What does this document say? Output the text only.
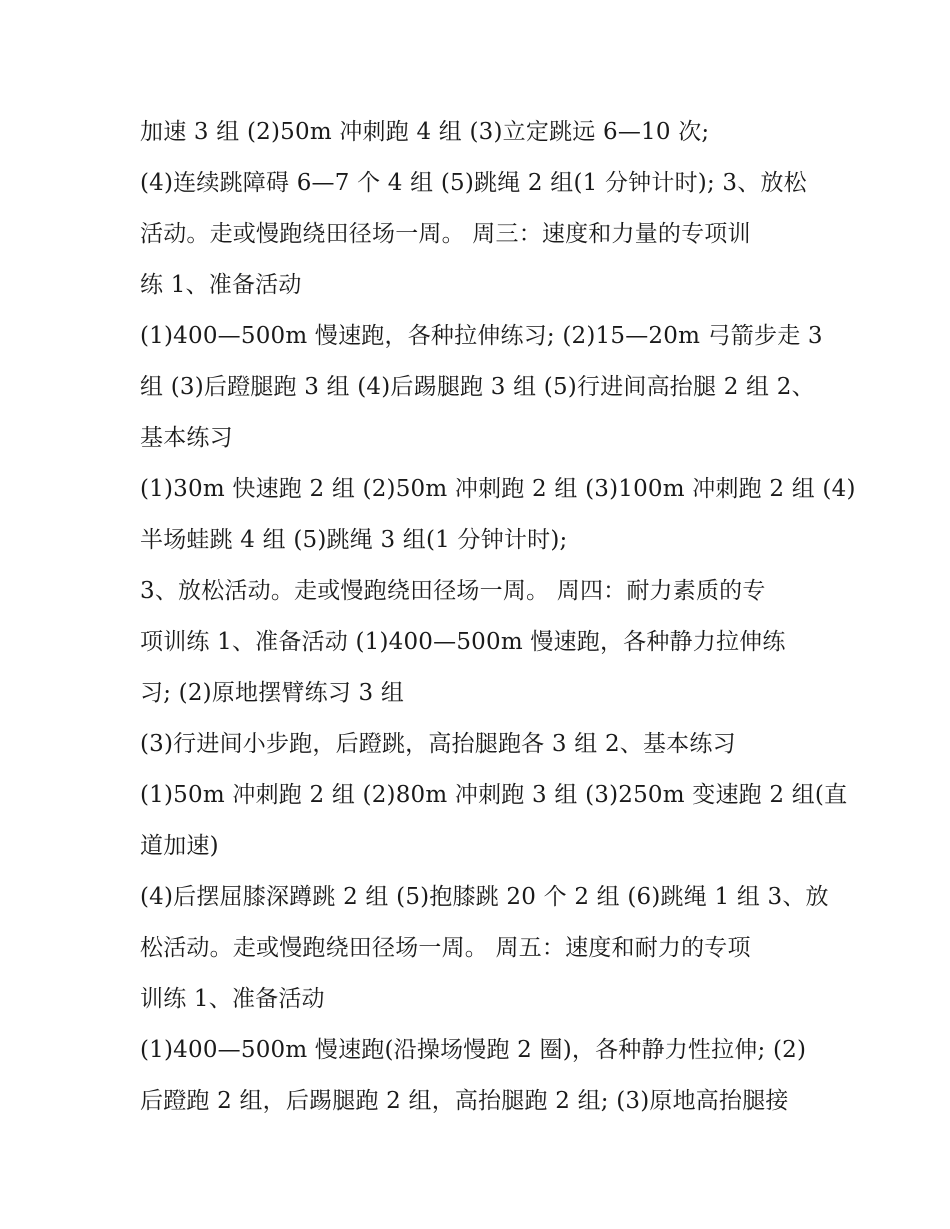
加速 3 组 (2)50m 冲刺跑 4 组 (3)立定跳远 6—10 次;
(4)连续跳障碍 6—7 个 4 组 (5)跳绳 2 组(1 分钟计时); 3、放松
活动。走或慢跑绕田径场一周。 周三：速度和力量的专项训
练 1、准备活动
(1)400—500m 慢速跑，各种拉伸练习; (2)15—20m 弓箭步走 3
组 (3)后蹬腿跑 3 组 (4)后踢腿跑 3 组 (5)行进间高抬腿 2 组 2、
基本练习
(1)30m 快速跑 2 组 (2)50m 冲刺跑 2 组 (3)100m 冲刺跑 2 组 (4)
半场蛙跳 4 组 (5)跳绳 3 组(1 分钟计时);
3、放松活动。走或慢跑绕田径场一周。 周四：耐力素质的专
项训练 1、准备活动 (1)400—500m 慢速跑，各种静力拉伸练
习; (2)原地摆臂练习 3 组
(3)行进间小步跑，后蹬跳，高抬腿跑各 3 组 2、基本练习
(1)50m 冲刺跑 2 组 (2)80m 冲刺跑 3 组 (3)250m 变速跑 2 组(直
道加速)
(4)后摆屈膝深蹲跳 2 组 (5)抱膝跳 20 个 2 组 (6)跳绳 1 组 3、放
松活动。走或慢跑绕田径场一周。 周五：速度和耐力的专项
训练 1、准备活动
(1)400—500m 慢速跑(沿操场慢跑 2 圈)，各种静力性拉伸; (2)
后蹬跑 2 组，后踢腿跑 2 组，高抬腿跑 2 组; (3)原地高抬腿接
